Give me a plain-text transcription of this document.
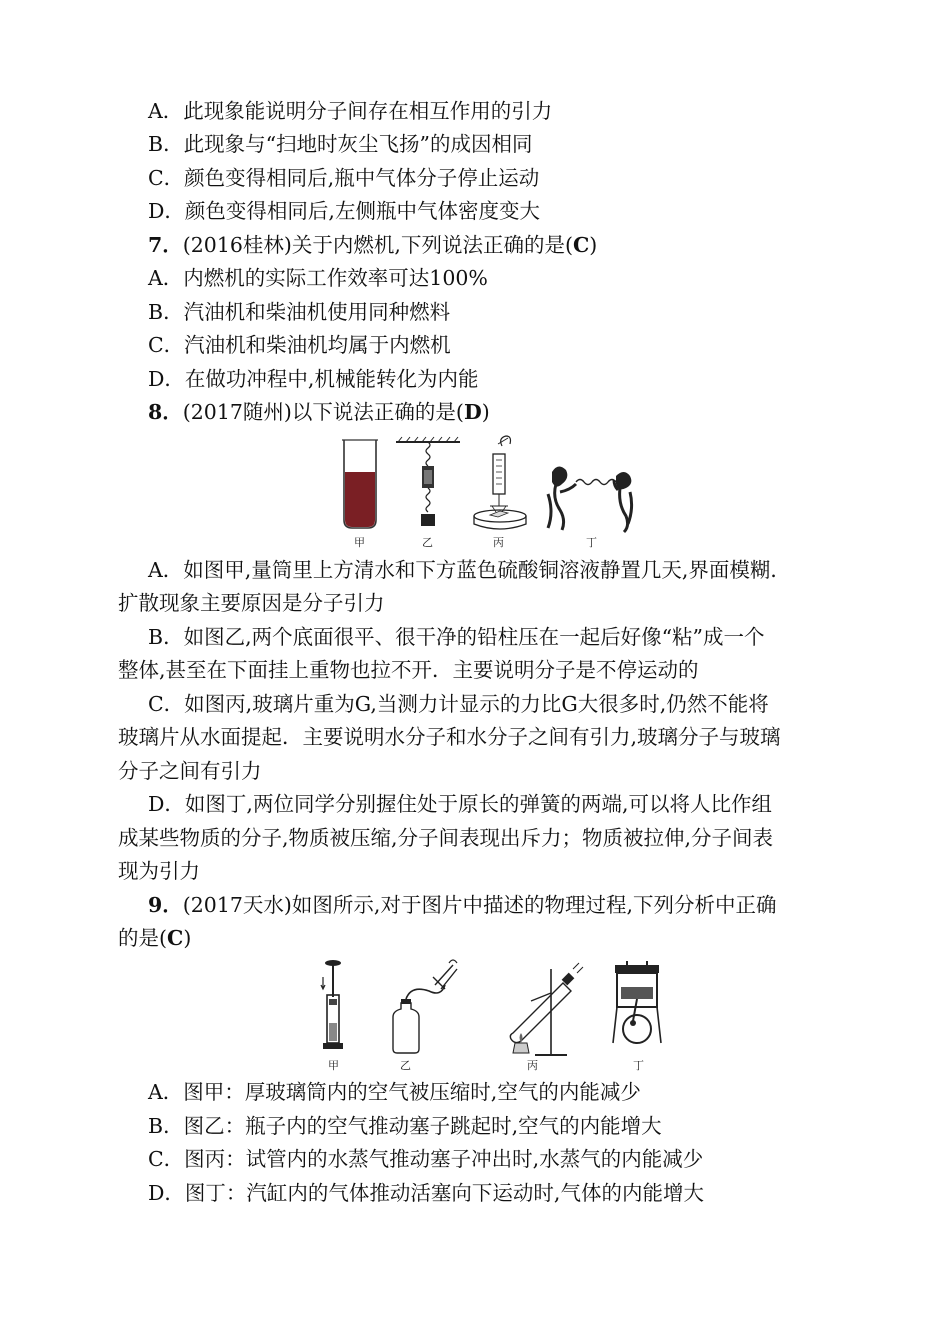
A．此现象能说明分子间存在相互作用的引力
B．此现象与“扫地时灰尘飞扬”的成因相同
C．颜色变得相同后,瓶中气体分子停止运动
D．颜色变得相同后,左侧瓶中气体密度变大
7．(2016桂林)关于内燃机,下列说法正确的是(C)
A．内燃机的实际工作效率可达100%
B．汽油机和柴油机使用同种燃料
C．汽油机和柴油机均属于内燃机
D．在做功冲程中,机械能转化为内能
8．(2017随州)以下说法正确的是(D)
甲	乙	丙	丁
A．如图甲,量筒里上方清水和下方蓝色硫酸铜溶液静置几天,界面模糊．
扩散现象主要原因是分子引力
B．如图乙,两个底面很平、很干净的铅柱压在一起后好像“粘”成一个
整体,甚至在下面挂上重物也拉不开．主要说明分子是不停运动的
C．如图丙,玻璃片重为G,当测力计显示的力比G大很多时,仍然不能将
玻璃片从水面提起．主要说明水分子和水分子之间有引力,玻璃分子与玻璃
分子之间有引力
D．如图丁,两位同学分别握住处于原长的弹簧的两端,可以将人比作组
成某些物质的分子,物质被压缩,分子间表现出斥力；物质被拉伸,分子间表
现为引力
9．(2017天水)如图所示,对于图片中描述的物理过程,下列分析中正确
的是(C)
甲	乙	丙	丁
A．图甲：厚玻璃筒内的空气被压缩时,空气的内能减少
B．图乙：瓶子内的空气推动塞子跳起时,空气的内能增大
C．图丙：试管内的水蒸气推动塞子冲出时,水蒸气的内能减少
D．图丁：汽缸内的气体推动活塞向下运动时,气体的内能增大
